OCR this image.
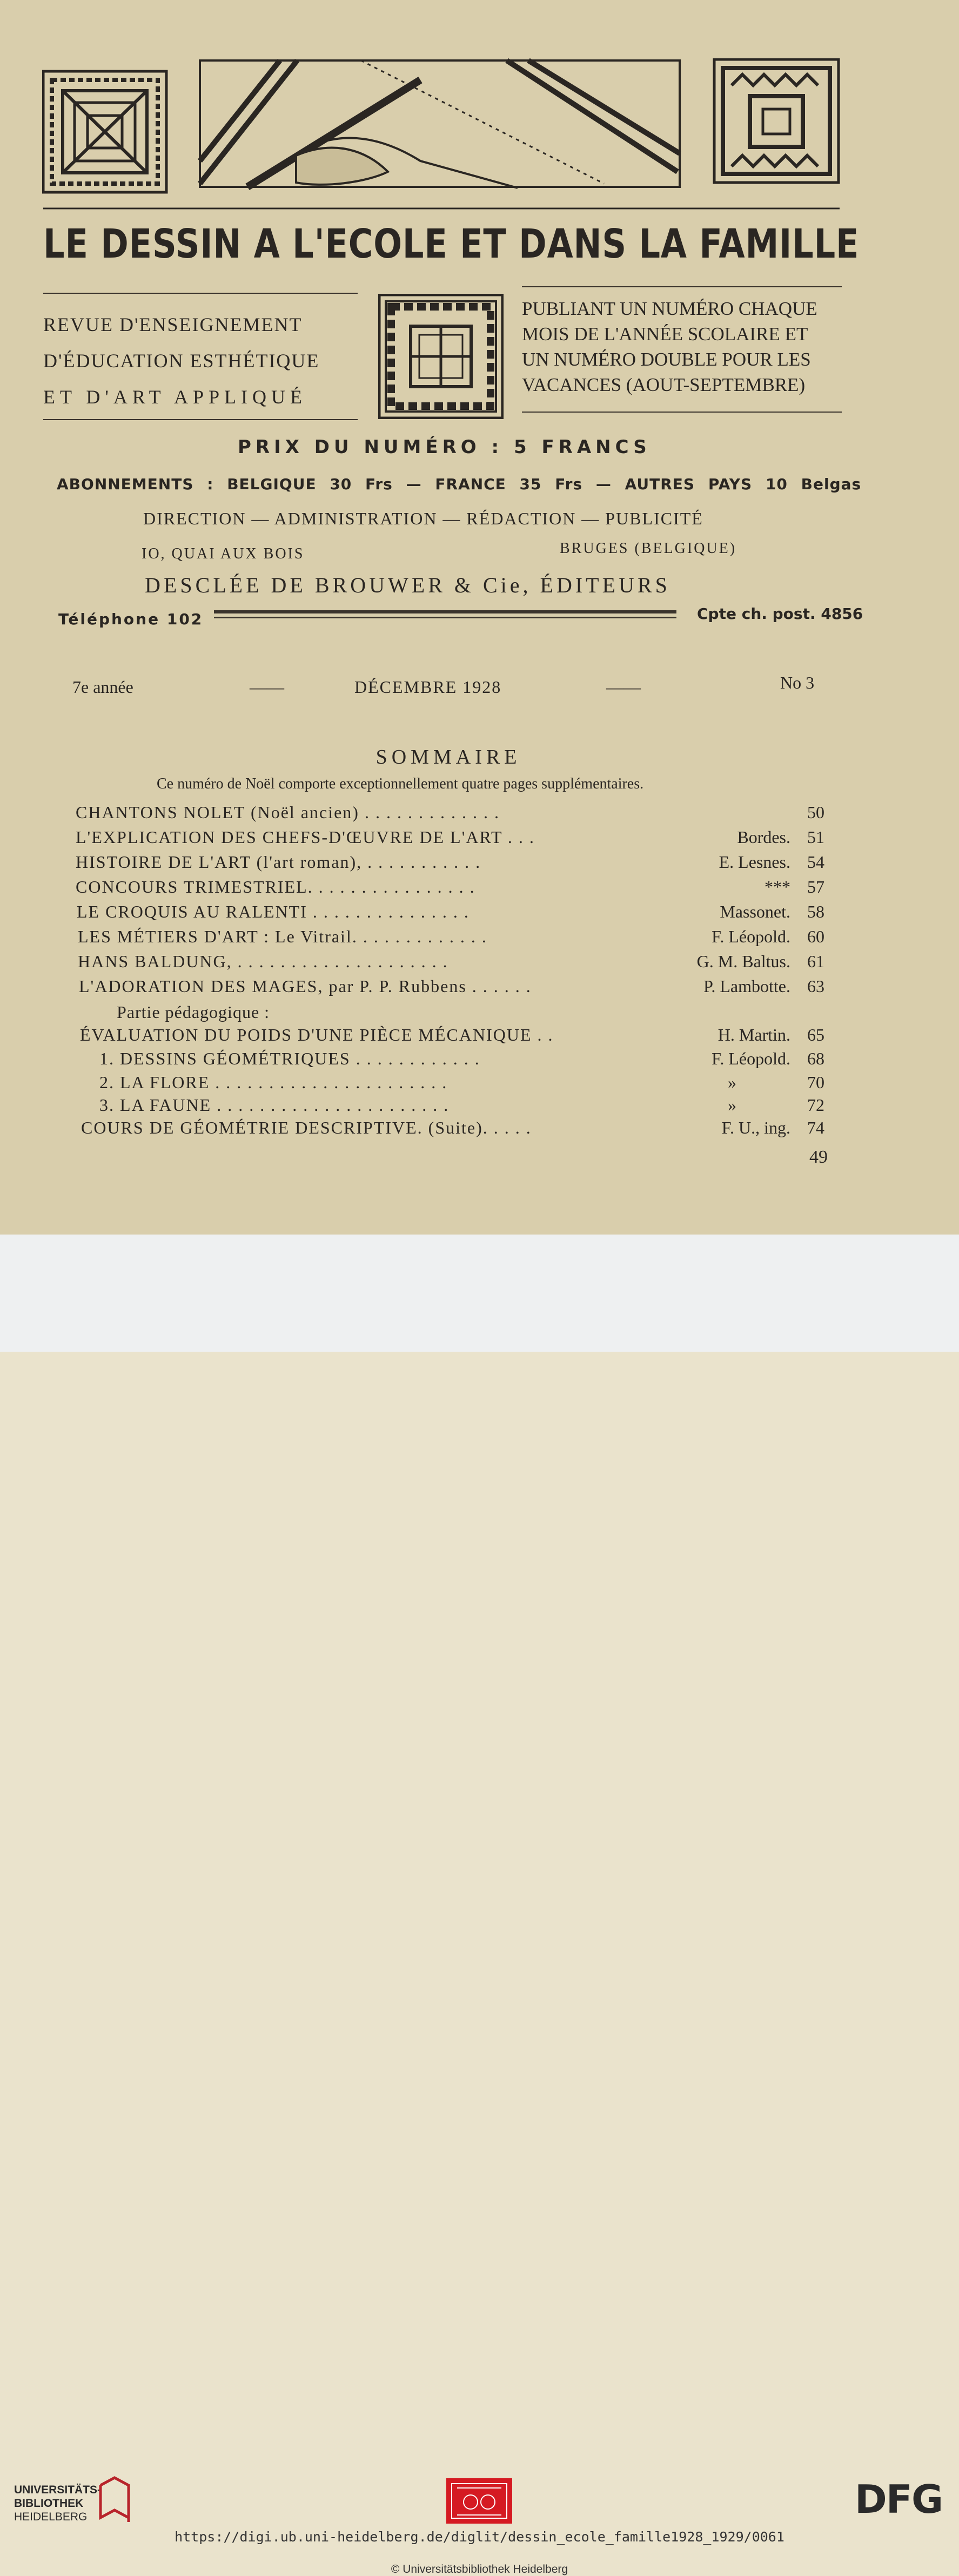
LE DESSIN A L'ECOLE ET DANS LA FAMILLE
REVUE D'ENSEIGNEMENT
D'ÉDUCATION ESTHÉTIQUE
ET D'ART APPLIQUÉ
PUBLIANT UN NUMÉRO CHAQUE
MOIS DE L'ANNÉE SCOLAIRE ET
UN NUMÉRO DOUBLE POUR LES
VACANCES (AOUT-SEPTEMBRE)
PRIX DU NUMÉRO : 5 FRANCS
ABONNEMENTS : BELGIQUE 30 Frs — FRANCE 35 Frs — AUTRES PAYS 10 Belgas
DIRECTION — ADMINISTRATION — RÉDACTION — PUBLICITÉ
IO, QUAI AUX BOIS	BRUGES (BELGIQUE)
DESCLÉE DE BROUWER & Cie, ÉDITEURS
Téléphone 102	Cpte ch. post. 4856
7e année	——	DÉCEMBRE 1928	——	No 3
SOMMAIRE
Ce numéro de Noël comporte exceptionnellement quatre pages supplémentaires.
CHANTONS NOLET (Noël ancien) . . . . . . . . . . . . .	50
L'EXPLICATION DES CHEFS-D'ŒUVRE DE L'ART . . .	Bordes. 51
HISTOIRE DE L'ART (l'art roman), . . . . . . . . . . .	E. Lesnes. 54
CONCOURS TRIMESTRIEL. . . . . . . . . . . . . . . .	*** 57
LE CROQUIS AU RALENTI . . . . . . . . . . . . . . .	Massonet. 58
LES MÉTIERS D'ART : Le Vitrail. . . . . . . . . . . . .	F. Léopold. 60
HANS BALDUNG, . . . . . . . . . . . . . . . . . . . .	G. M. Baltus. 61
L'ADORATION DES MAGES, par P. P. Rubbens . . . . . .	P. Lambotte. 63
Partie pédagogique :
ÉVALUATION DU POIDS D'UNE PIÈCE MÉCANIQUE . .	H. Martin. 65
1. DESSINS GÉOMÉTRIQUES . . . . . . . . . . . .	F. Léopold. 68
2. LA FLORE . . . . . . . . . . . . . . . . . . . . . .	»	70
3. LA FAUNE . . . . . . . . . . . . . . . . . . . . . .	»	72
COURS DE GÉOMÉTRIE DESCRIPTIVE. (Suite). . . . .	F. U., ing. 74
49
UNIVERSITÄTS-
BIBLIOTHEK
HEIDELBERG	DFG
https://digi.ub.uni-heidelberg.de/diglit/dessin_ecole_famille1928_1929/0061
© Universitätsbibliothek Heidelberg
